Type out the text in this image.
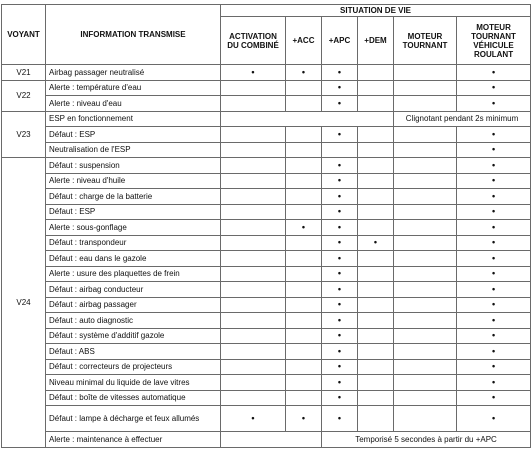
VOYANT	INFORMATION TRANSMISE	SITUATION DE VIE					
		ACTIVATION DU COMBINÉ	+ACC	+APC	+DEM	MOTEUR TOURNANT	MOTEUR TOURNANT VÉHICULE ROULANT
V21	Airbag passager neutralisé	•	•	•			•
V22	Alerte : température d'eau			•			•
	Alerte : niveau d'eau			•			•
V23	ESP en fonctionnement					Clignotant pendant 2s minimum	
	Défaut : ESP			•			•
	Neutralisation de l'ESP						•
V24	Défaut : suspension			•			•
	Alerte : niveau d'huile			•			•
	Défaut : charge de la batterie			•			•
	Défaut : ESP			•			•
	Alerte : sous-gonflage		•	•			•
	Défaut : transpondeur			•	•		•
	Défaut : eau dans le gazole			•			•
	Alerte : usure des plaquettes de frein			•			•
	Défaut : airbag conducteur			•			•
	Défaut : airbag passager			•			•
	Défaut : auto diagnostic			•			•
	Défaut : système d'additif gazole			•			•
	Défaut : ABS			•			•
	Défaut : correcteurs de projecteurs			•			•
	Niveau minimal du liquide de lave vitres			•			•
	Défaut : boîte de vitesses automatique			•			•
	Défaut : lampe à décharge et feux allumés	•	•	•			•
	Alerte : maintenance à effectuer			Temporisé 5 secondes à partir du +APC			
